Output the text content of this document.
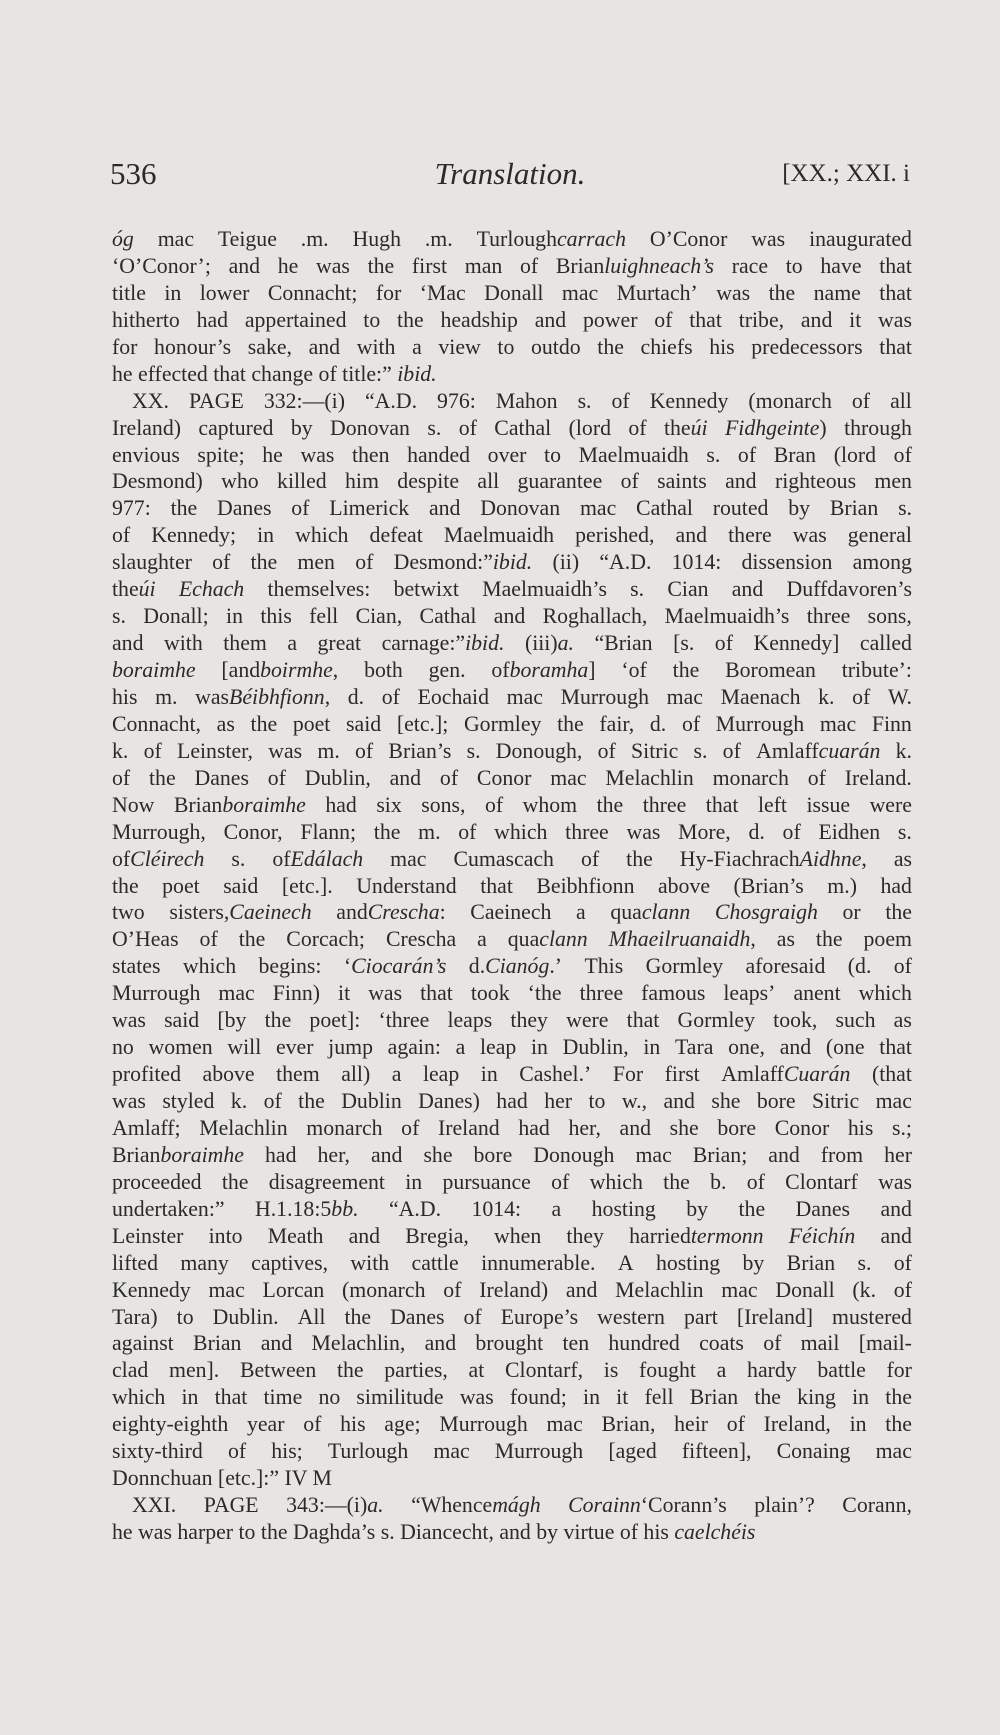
536	Translation.	[XX.; XXI. i
óg mac Teigue .m. Hugh .m. Turloughcarrach O’Conor was inaugurated
‘O’Conor’; and he was the first man of Brianluighneach’s race to have that
title in lower Connacht; for ‘Mac Donall mac Murtach’ was the name that
hitherto had appertained to the headship and power of that tribe, and it was
for honour’s sake, and with a view to outdo the chiefs his predecessors that
he effected that change of title:” ibid.
XX. PAGE 332:—(i) “A.D. 976: Mahon s. of Kennedy (monarch of all
Ireland) captured by Donovan s. of Cathal (lord of theúi Fidhgeinte) through
envious spite; he was then handed over to Maelmuaidh s. of Bran (lord of
Desmond) who killed him despite all guarantee of saints and righteous men
977: the Danes of Limerick and Donovan mac Cathal routed by Brian s.
of Kennedy; in which defeat Maelmuaidh perished, and there was general
slaughter of the men of Desmond:”ibid. (ii) “A.D. 1014: dissension among
theúi Echach themselves: betwixt Maelmuaidh’s s. Cian and Duffdavoren’s
s. Donall; in this fell Cian, Cathal and Roghallach, Maelmuaidh’s three sons,
and with them a great carnage:”ibid. (iii)a. “Brian [s. of Kennedy] called
boraimhe [andboirmhe, both gen. ofboramha] ‘of the Boromean tribute’:
his m. wasBéibhfionn, d. of Eochaid mac Murrough mac Maenach k. of W.
Connacht, as the poet said [etc.]; Gormley the fair, d. of Murrough mac Finn
k. of Leinster, was m. of Brian’s s. Donough, of Sitric s. of Amlaffcuarán k.
of the Danes of Dublin, and of Conor mac Melachlin monarch of Ireland.
Now Brianboraimhe had six sons, of whom the three that left issue were
Murrough, Conor, Flann; the m. of which three was More, d. of Eidhen s.
ofCléirech s. ofEdálach mac Cumascach of the Hy-FiachrachAidhne, as
the poet said [etc.]. Understand that Beibhfionn above (Brian’s m.) had
two sisters,Caeinech andCrescha: Caeinech a quaclann Chosgraigh or the
O’Heas of the Corcach; Crescha a quaclann Mhaeilruanaidh, as the poem
states which begins: ‘Ciocarán’s d.Cianóg.’ This Gormley aforesaid (d. of
Murrough mac Finn) it was that took ‘the three famous leaps’ anent which
was said [by the poet]: ‘three leaps they were that Gormley took, such as
no women will ever jump again: a leap in Dublin, in Tara one, and (one that
profited above them all) a leap in Cashel.’ For first AmlaffCuarán (that
was styled k. of the Dublin Danes) had her to w., and she bore Sitric mac
Amlaff; Melachlin monarch of Ireland had her, and she bore Conor his s.;
Brianboraimhe had her, and she bore Donough mac Brian; and from her
proceeded the disagreement in pursuance of which the b. of Clontarf was
undertaken:” H.1.18:5bb. “A.D. 1014: a hosting by the Danes and
Leinster into Meath and Bregia, when they harriedtermonn Féichín and
lifted many captives, with cattle innumerable. A hosting by Brian s. of
Kennedy mac Lorcan (monarch of Ireland) and Melachlin mac Donall (k. of
Tara) to Dublin. All the Danes of Europe’s western part [Ireland] mustered
against Brian and Melachlin, and brought ten hundred coats of mail [mail-
clad men]. Between the parties, at Clontarf, is fought a hardy battle for
which in that time no similitude was found; in it fell Brian the king in the
eighty-eighth year of his age; Murrough mac Brian, heir of Ireland, in the
sixty-third of his; Turlough mac Murrough [aged fifteen], Conaing mac
Donnchuan [etc.]:” IV M
XXI. PAGE 343:—(i)a. “Whencemágh Corainn‘Corann’s plain’? Corann,
he was harper to the Daghda’s s. Diancecht, and by virtue of his caelchéis
